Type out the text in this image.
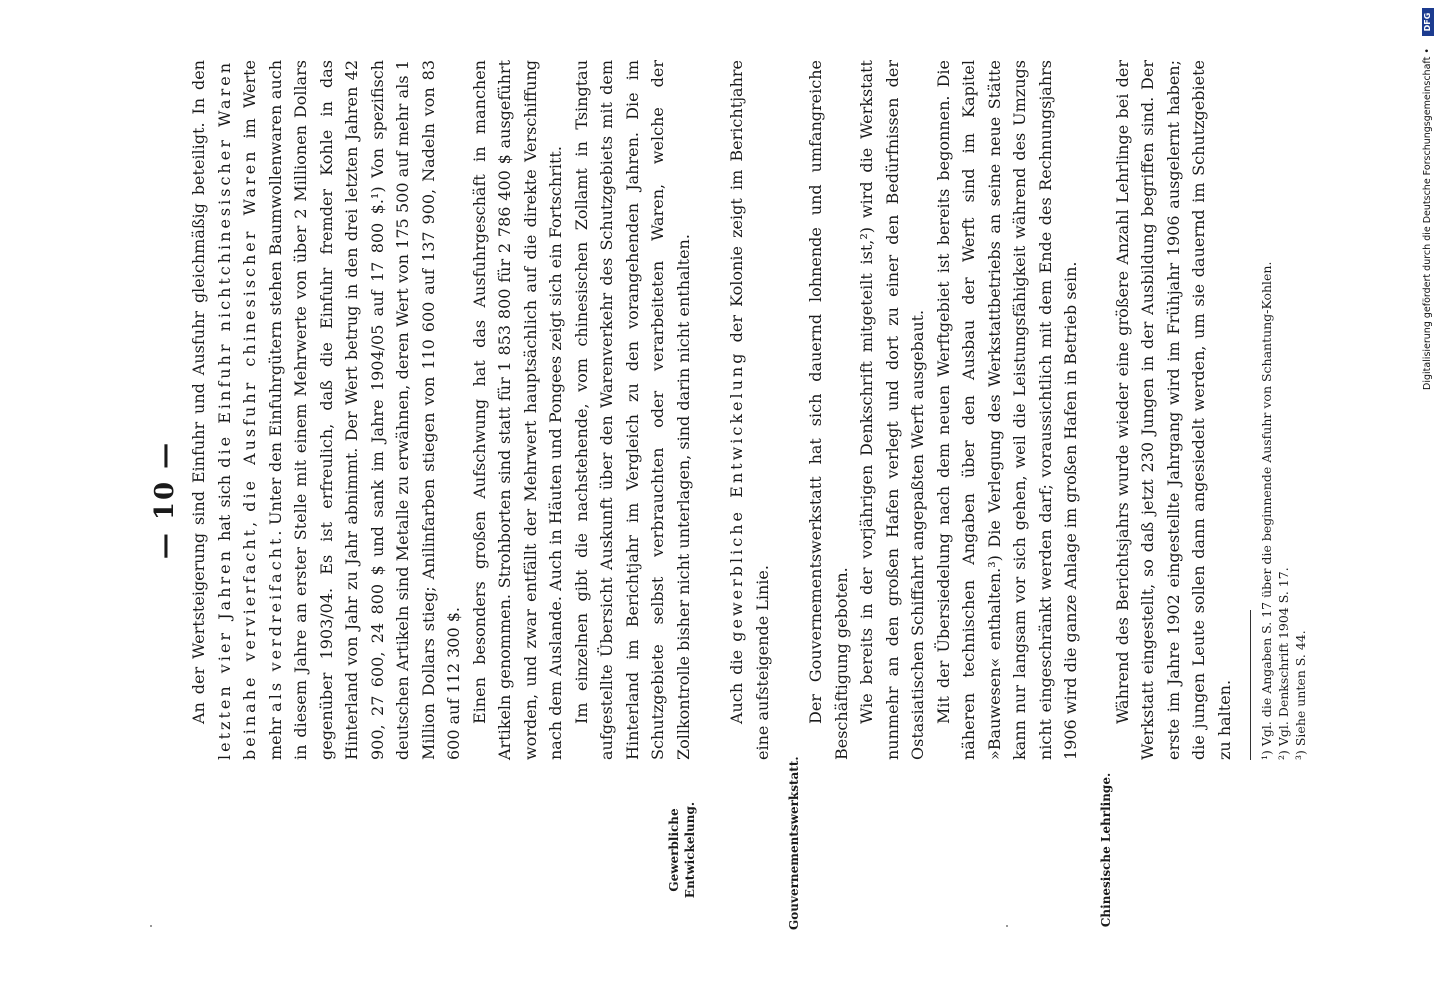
— 10 — An der Wertsteigerung sind Einfuhr und Ausfuhr gleichmäßig beteiligt. In den letzten vier Jahren hat sich die Einfuhr nichtchinesischer Waren beinahe vervierfacht, die Ausfuhr chinesischer Waren im Werte mehr als verdreifacht. Unter den Einfuhrgütern stehen Baumwollenwaren auch in diesem Jahre an erster Stelle mit einem Mehrwerte von über 2 Millionen Dollars gegenüber 1903/04. Es ist erfreulich, daß die Einfuhr fremder Kohle in das Hinterland von Jahr zu Jahr abnimmt. Der Wert betrug in den drei letzten Jahren 42 900, 27 600, 24 800 $ und sank im Jahre 1904/05 auf 17 800 $.¹) Von spezifisch deutschen Artikeln sind Metalle zu erwähnen, deren Wert von 175 500 auf mehr als 1 Million Dollars stieg; Anilinfarben stiegen von 110 600 auf 137 900, Nadeln von 83 600 auf 112 300 $. Einen besonders großen Aufschwung hat das Ausfuhrgeschäft in manchen Artikeln genommen. Strohborten sind statt für 1 853 800 für 2 786 400 $ ausgeführt worden, und zwar entfällt der Mehrwert hauptsächlich auf die direkte Verschiffung nach dem Auslande. Auch in Häuten und Pongees zeigt sich ein Fortschritt. Im einzelnen gibt die nachstehende, vom chinesischen Zollamt in Tsingtau aufgestellte Übersicht Auskunft über den Warenverkehr des Schutzgebiets mit dem Hinterland im Berichtjahr im Vergleich zu den vorangehenden Jahren. Die im Schutzgebiete selbst verbrauchten oder verarbeiteten Waren, welche der Zollkontrolle bisher nicht unterlagen, sind darin nicht enthalten. Auch die gewerbliche Entwickelung der Kolonie zeigt im Berichtjahre eine aufsteigende Linie. Der Gouvernementswerkstatt hat sich dauernd lohnende und umfangreiche Beschäftigung geboten. Wie bereits in der vorjährigen Denkschrift mitgeteilt ist,²) wird die Werkstatt nunmehr an den großen Hafen verlegt und dort zu einer den Bedürfnissen der Ostasiatischen Schiffahrt angepaßten Werft ausgebaut. Mit der Übersiedelung nach dem neuen Werftgebiet ist bereits begonnen. Die näheren technischen Angaben über den Ausbau der Werft sind im Kapitel »Bauwesen« enthalten.³) Die Verlegung des Werkstattbetriebs an seine neue Stätte kann nur langsam vor sich gehen, weil die Leistungsfähigkeit während des Umzugs nicht eingeschränkt werden darf; voraussichtlich mit dem Ende des Rechnungsjahrs 1906 wird die ganze Anlage im großen Hafen in Betrieb sein. Während des Berichtsjahrs wurde wieder eine größere Anzahl Lehrlinge bei der Werkstatt eingestellt, so daß jetzt 230 Jungen in der Ausbildung begriffen sind. Der erste im Jahre 1902 eingestellte Jahrgang wird im Frühjahr 1906 ausgelernt haben; die jungen Leute sollen dann angesiedelt werden, um sie dauernd im Schutzgebiete zu halten.

Gewerbliche Entwickelung.	Gouvernementswerkstatt.	Chinesische Lehrlinge.
¹) Vgl. die Angaben S. 17 über die beginnende Ausfuhr von Schantung-Kohlen. ²) Vgl. Denkschrift 1904 S. 17. ³) Siehe unten S. 44.
DFG
Digitalisierung gefördert durch die Deutsche Forschungsgemeinschaft •
